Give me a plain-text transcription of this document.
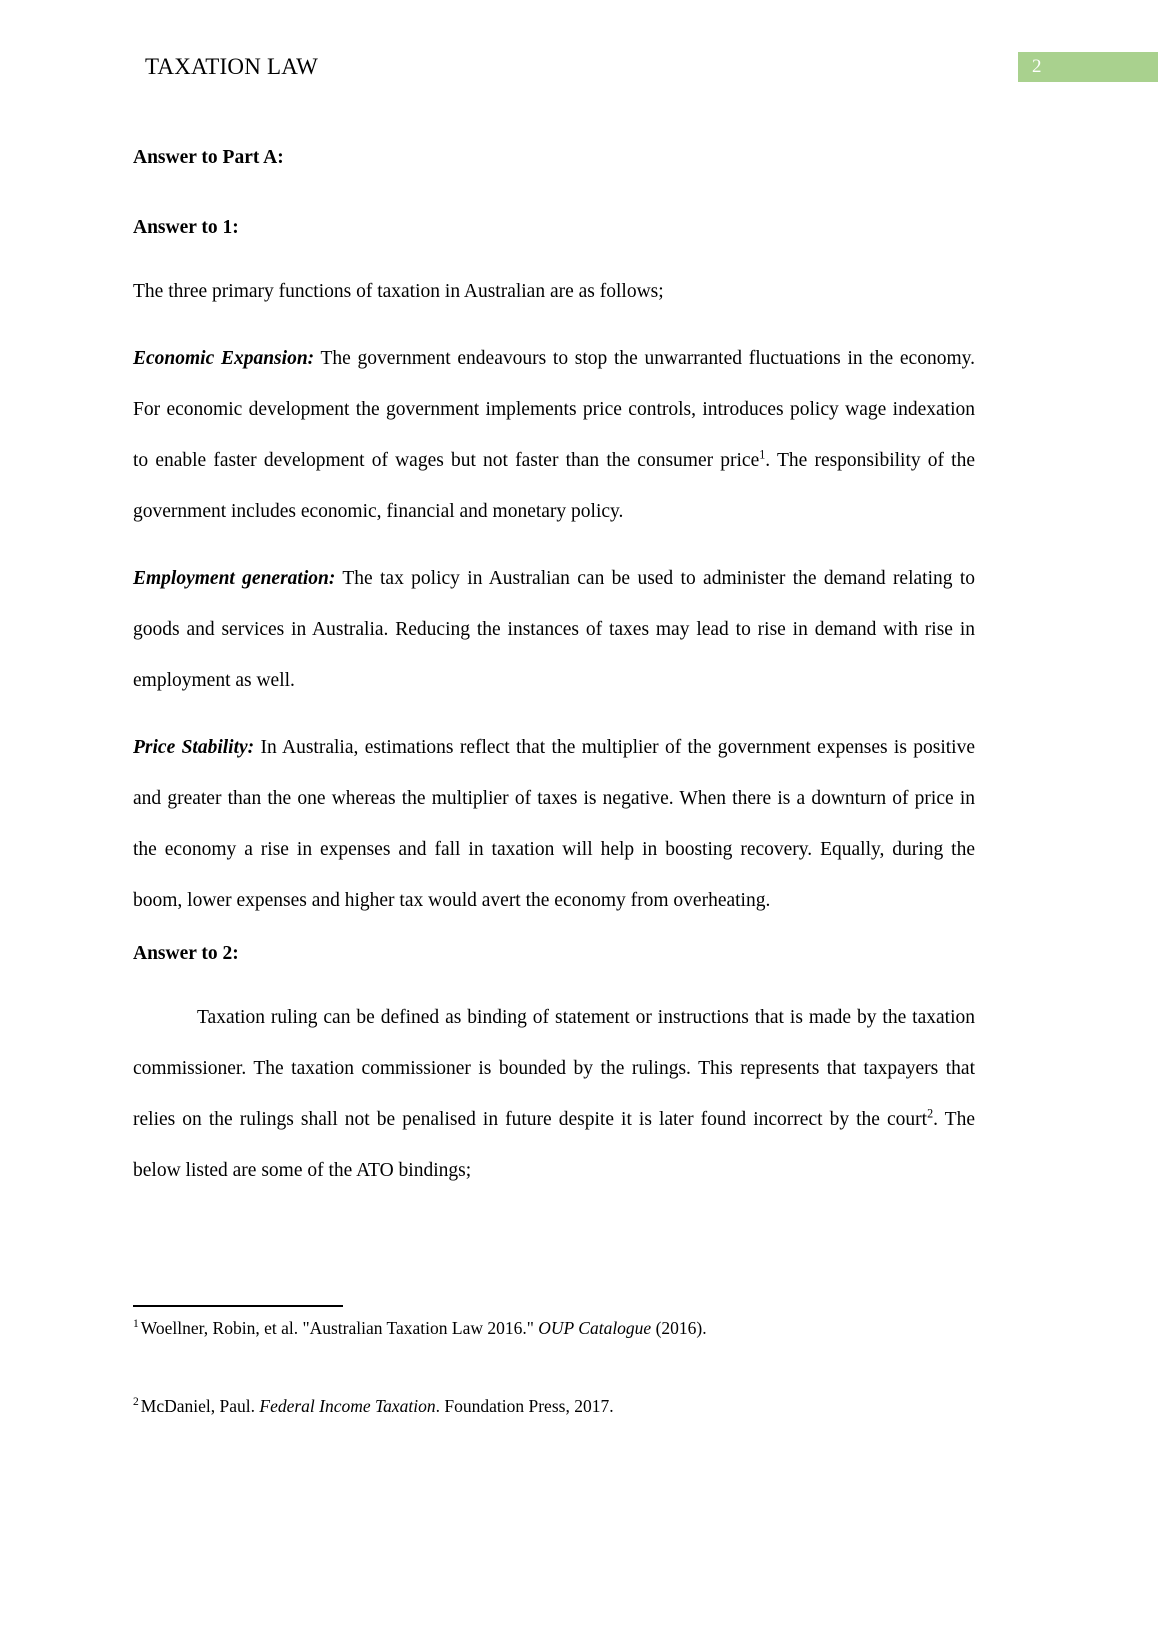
TAXATION LAW	2
Answer to Part A:
Answer to 1:

The three primary functions of taxation in Australian are as follows;

Economic Expansion: The government endeavours to stop the unwarranted fluctuations in the economy. For economic development the government implements price controls, introduces policy wage indexation to enable faster development of wages but not faster than the consumer price$^1$. The responsibility of the government includes economic, financial and monetary policy.

Employment generation: The tax policy in Australian can be used to administer the demand relating to goods and services in Australia. Reducing the instances of taxes may lead to rise in demand with rise in employment as well.

Price Stability: In Australia, estimations reflect that the multiplier of the government expenses is positive and greater than the one whereas the multiplier of taxes is negative. When there is a downturn of price in the economy a rise in expenses and fall in taxation will help in boosting recovery. Equally, during the boom, lower expenses and higher tax would avert the economy from overheating.

Answer to 2:

Taxation ruling can be defined as binding of statement or instructions that is made by the taxation commissioner. The taxation commissioner is bounded by the rulings. This represents that taxpayers that relies on the rulings shall not be penalised in future despite it is later found incorrect by the court$^2$. The below listed are some of the ATO bindings;

$^1$ Woellner, Robin, et al. "Australian Taxation Law 2016." OUP Catalogue (2016).

$^2$ McDaniel, Paul. Federal Income Taxation. Foundation Press, 2017.
